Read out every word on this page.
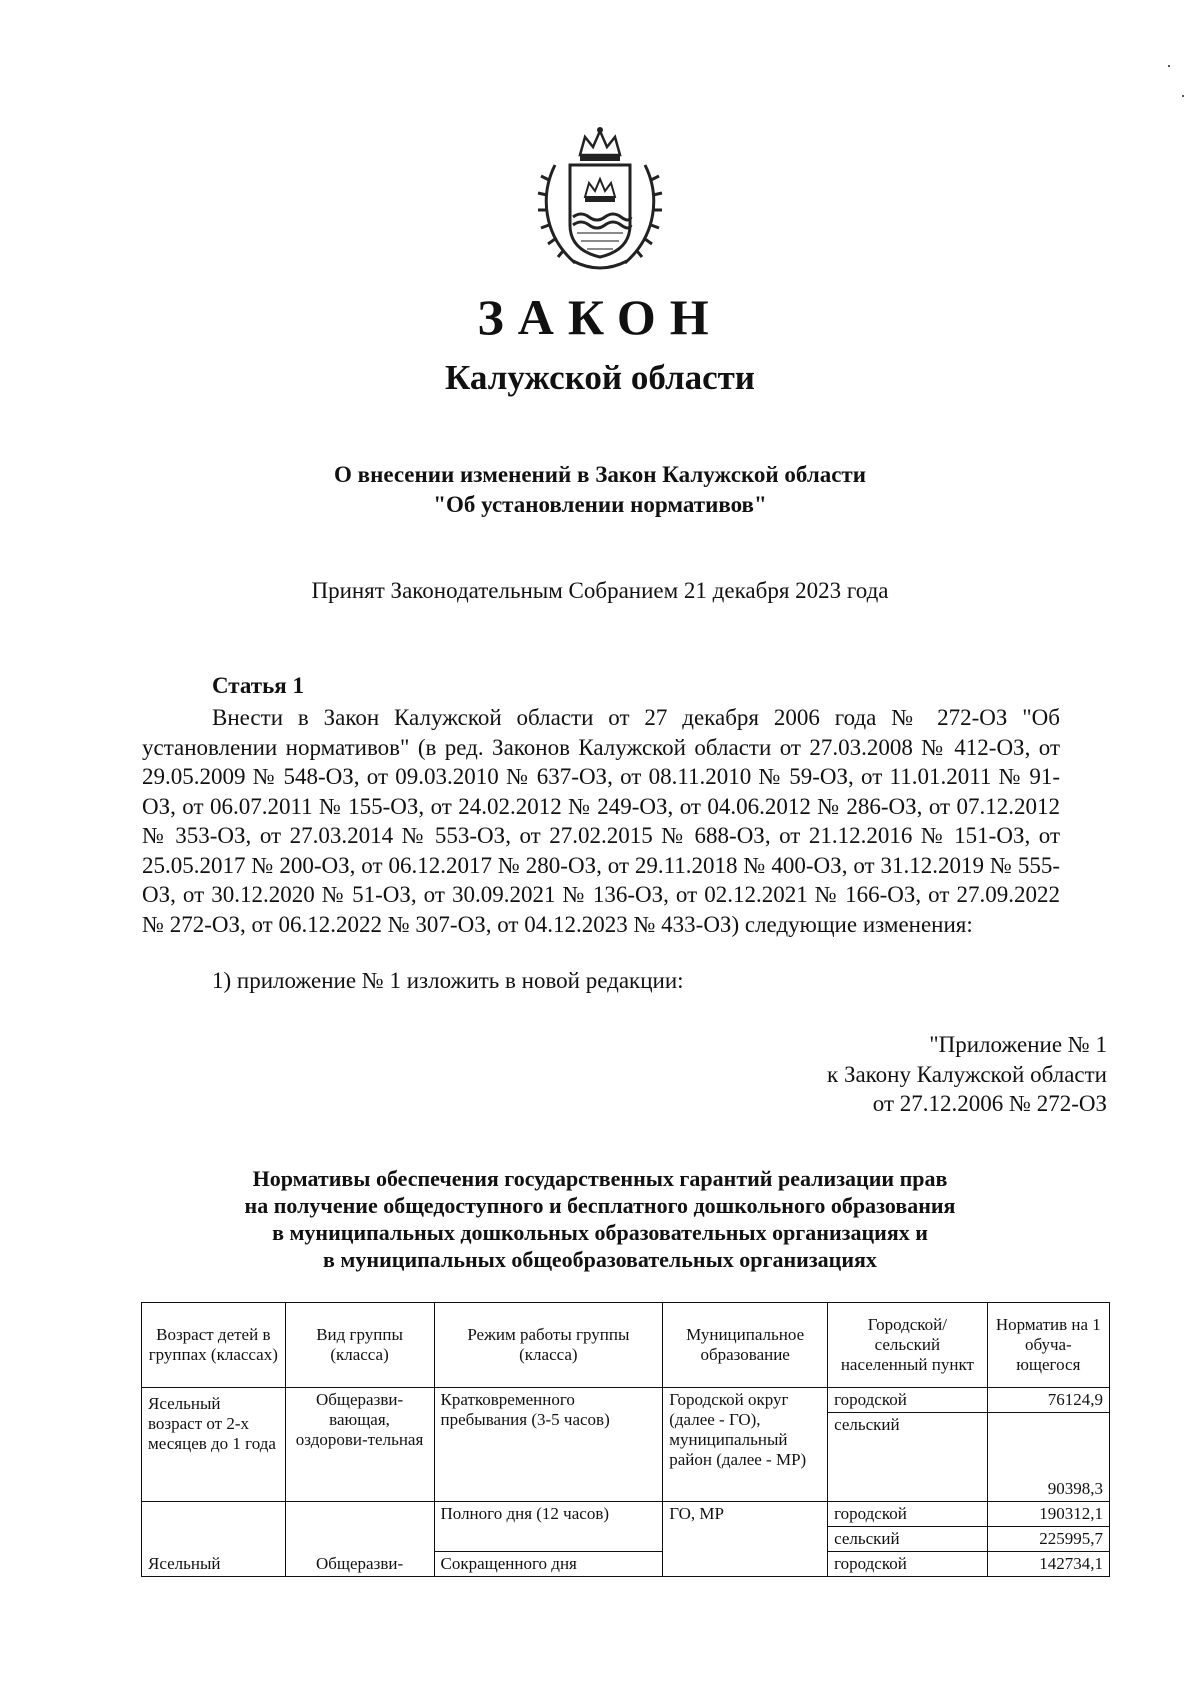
ЗАКОН
Калужской области
О внесении изменений в Закон Калужской области
"Об установлении нормативов"
Принят Законодательным Собранием 21 декабря 2023 года
Статья 1
Внести в Закон Калужской области от 27 декабря 2006 года № 272-ОЗ "Об установлении нормативов" (в ред. Законов Калужской области от 27.03.2008 № 412-ОЗ, от 29.05.2009 № 548-ОЗ, от 09.03.2010 № 637-ОЗ, от 08.11.2010 № 59-ОЗ, от 11.01.2011 № 91-ОЗ, от 06.07.2011 № 155-ОЗ, от 24.02.2012 № 249-ОЗ, от 04.06.2012 № 286-ОЗ, от 07.12.2012 № 353-ОЗ, от 27.03.2014 № 553-ОЗ, от 27.02.2015 № 688-ОЗ, от 21.12.2016 № 151-ОЗ, от 25.05.2017 № 200-ОЗ, от 06.12.2017 № 280-ОЗ, от 29.11.2018 № 400-ОЗ, от 31.12.2019 № 555-ОЗ, от 30.12.2020 № 51-ОЗ, от 30.09.2021 № 136-ОЗ, от 02.12.2021 № 166-ОЗ, от 27.09.2022 № 272-ОЗ, от 06.12.2022 № 307-ОЗ, от 04.12.2023 № 433-ОЗ) следующие изменения:
1) приложение № 1 изложить в новой редакции:
"Приложение № 1
к Закону Калужской области
от 27.12.2006 № 272-ОЗ
Нормативы обеспечения государственных гарантий реализации прав
на получение общедоступного и бесплатного дошкольного образования
в муниципальных дошкольных образовательных организациях и
в муниципальных общеобразовательных организациях
Возраст детей в группах (классах)	Вид группы (класса)	Режим работы группы (класса)	Муниципальное образование	Городской/ сельский населенный пункт	Норматив на 1 обуча-ющегося
Ясельный возраст от 2-х месяцев до 1 года	Общеразви-вающая, оздорови-тельная	Кратковременного пребывания (3-5 часов)	Городской округ (далее - ГО), муниципальный район (далее - МР)	городской	76124,9
				сельский	90398,3
Ясельный	Общеразви-	Полного дня (12 часов)	ГО, МР	городской	190312,1
				сельский	225995,7
		Сокращенного дня		городской	142734,1
